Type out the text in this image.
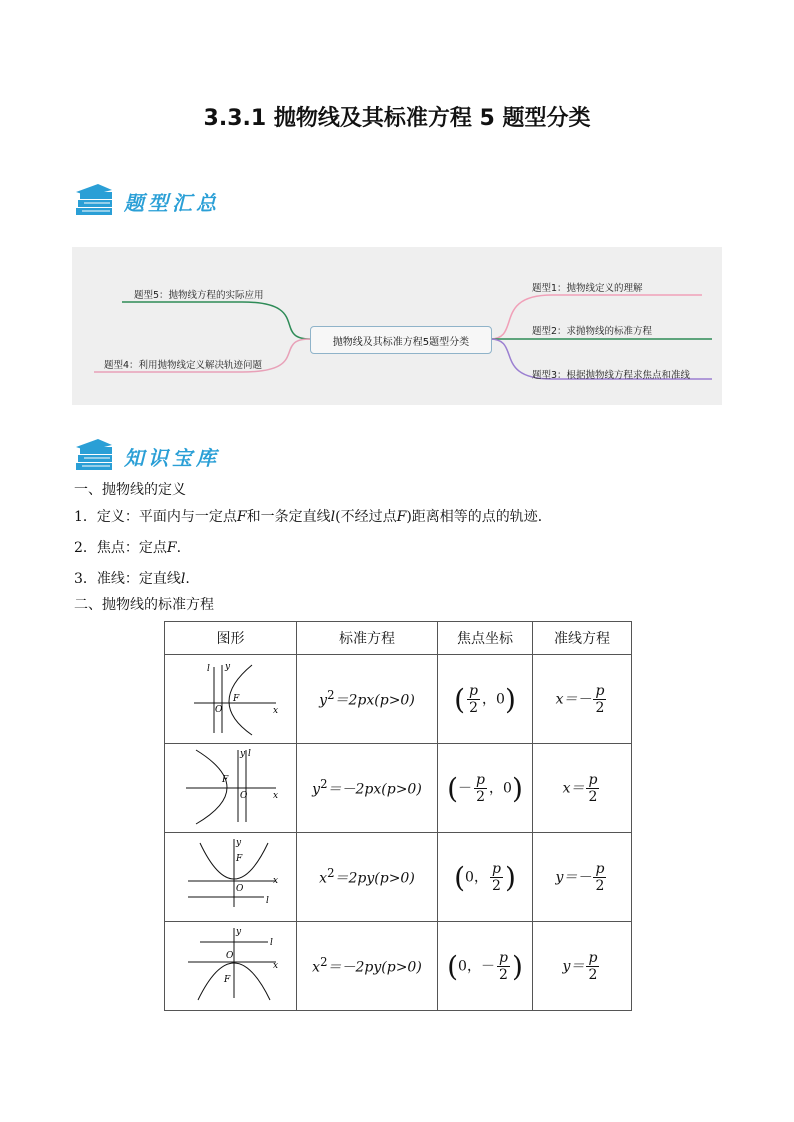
3.3.1 抛物线及其标准方程 5 题型分类
题型汇总
抛物线及其标准方程5题型分类
题型5：抛物线方程的实际应用
题型4：利用抛物线定义解决轨迹问题
题型1：抛物线定义的理解
题型2：求抛物线的标准方程
题型3：根据抛物线方程求焦点和准线
知识宝库
一、抛物线的定义
1．定义：平面内与一定点F和一条定直线l(不经过点F)距离相等的点的轨迹．
2．焦点：定点F.
3．准线：定直线l.
二、抛物线的标准方程
图形	标准方程	焦点坐标	准线方程

x
y
O
F
l	$y^2=2px(p>0)$	( $\frac{p}{2}$ ，0)	$x=- \frac{p}{2}$

x
y
O
F
l	$y^2=-2px(p>0)$	(－ $\frac{p}{2}$ ，0)	$x= \frac{p}{2}$

x
y
O
F
l	$x^2=2py(p>0)$	(0， $\frac{p}{2}$ )	$y=- \frac{p}{2}$

x
y
O
F
l	$x^2=-2py(p>0)$	(0，－ $\frac{p}{2}$ )	$y= \frac{p}{2}$
